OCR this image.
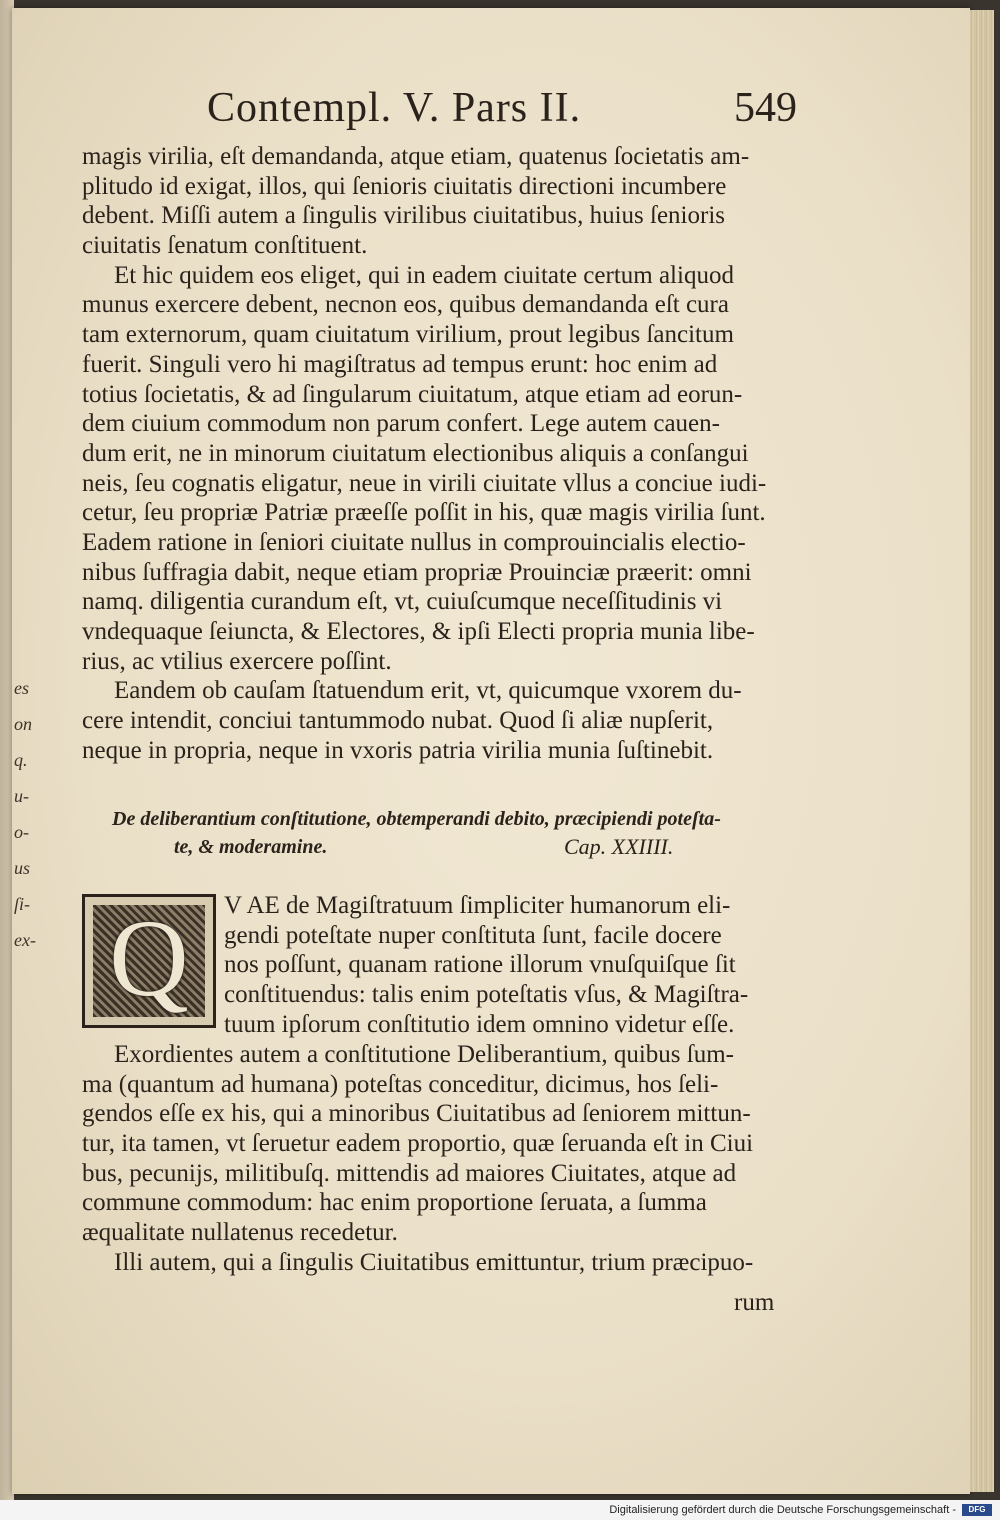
Contempl. V. Pars II.	549
magis virilia, eſt demandanda, atque etiam, quatenus ſocietatis am-
plitudo id exigat, illos, qui ſenioris ciuitatis directioni incumbere
debent. Miſſi autem a ſingulis virilibus ciuitatibus, huius ſenioris
ciuitatis ſenatum conſtituent.
Et hic quidem eos eliget, qui in eadem ciuitate certum aliquod
munus exercere debent, necnon eos, quibus demandanda eſt cura
tam externorum, quam ciuitatum virilium, prout legibus ſancitum
fuerit. Singuli vero hi magiſtratus ad tempus erunt: hoc enim ad
totius ſocietatis, & ad ſingularum ciuitatum, atque etiam ad eorun-
dem ciuium commodum non parum confert. Lege autem cauen-
dum erit, ne in minorum ciuitatum electionibus aliquis a conſangui
neis, ſeu cognatis eligatur, neue in virili ciuitate vllus a conciue iudi-
cetur, ſeu propriæ Patriæ præeſſe poſſit in his, quæ magis virilia ſunt.
Eadem ratione in ſeniori ciuitate nullus in comprouincialis electio-
nibus ſuffragia dabit, neque etiam propriæ Prouinciæ præerit: omni
namq. diligentia curandum eſt, vt, cuiuſcumque neceſſitudinis vi
vndequaque ſeiuncta, & Electores, & ipſi Electi propria munia libe-
rius, ac vtilius exercere poſſint.
Eandem ob cauſam ſtatuendum erit, vt, quicumque vxorem du-
cere intendit, conciui tantummodo nubat. Quod ſi aliæ nupſerit,
neque in propria, neque in vxoris patria virilia munia ſuſtinebit.
De deliberantium conſtitutione, obtemperandi debito, præcipiendi poteſta-
te, & moderamine.	Cap. XXIIII.
Q	V AE de Magiſtratuum ſimpliciter humanorum eli-
gendi poteſtate nuper conſtituta ſunt, facile docere
nos poſſunt, quanam ratione illorum vnuſquiſque ſit
conſtituendus: talis enim poteſtatis vſus, & Magiſtra-
tuum ipſorum conſtitutio idem omnino videtur eſſe.
Exordientes autem a conſtitutione Deliberantium, quibus ſum-
ma (quantum ad humana) poteſtas conceditur, dicimus, hos ſeli-
gendos eſſe ex his, qui a minoribus Ciuitatibus ad ſeniorem mittun-
tur, ita tamen, vt ſeruetur eadem proportio, quæ ſeruanda eſt in Ciui
bus, pecunijs, militibuſq. mittendis ad maiores Ciuitates, atque ad
commune commodum: hac enim proportione ſeruata, a ſumma
æqualitate nullatenus recedetur.
Illi autem, qui a ſingulis Ciuitatibus emittuntur, trium præcipuo-
rum
es
on
q.
u-
o-
us
ſi-
ex-
Digitalisierung gefördert durch die Deutsche Forschungsgemeinschaft -	DFG
